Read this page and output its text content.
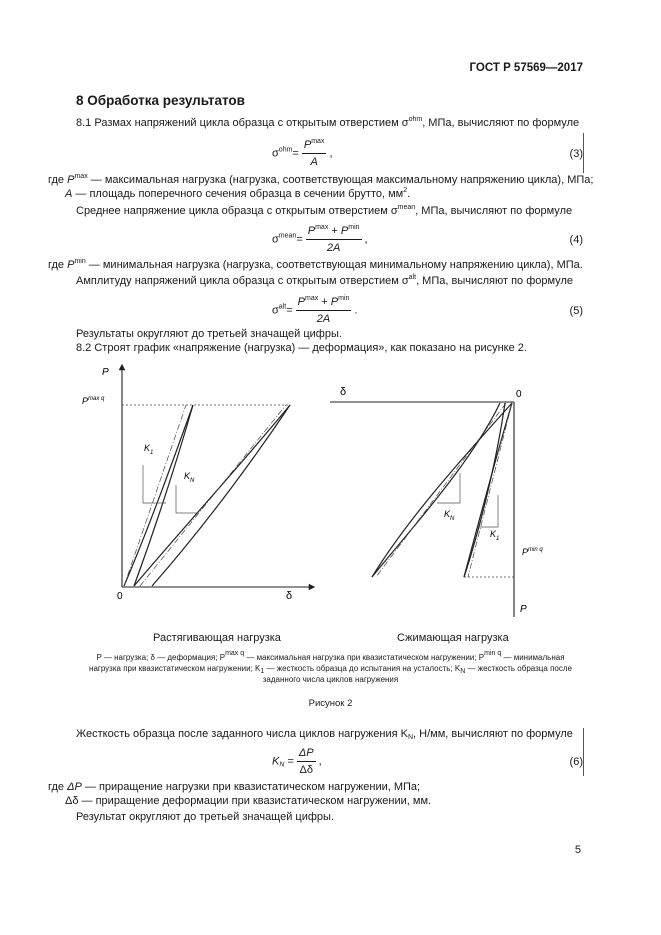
ГОСТ Р 57569—2017
8 Обработка результатов
8.1 Размах напряжений цикла образца с открытым отверстием $\sigma^{ohm}$, МПа, вычисляют по формуле
$\sigma^{ohm}= \frac{P^{max}}{A}$ ,	(3)
где $P^{max}$ — максимальная нагрузка (нагрузка, соответствующая максимальному напряжению цикла), МПа;
A — площадь поперечного сечения образца в сечении брутто, $мм^2$.
Среднее напряжение цикла образца с открытым отверстием $\sigma^{mean}$, МПа, вычисляют по формуле
$\sigma^{mean}= \frac{P^{max} + P^{min}}{2A}$ ,	(4)
где $P^{min}$ — минимальная нагрузка (нагрузка, соответствующая минимальному напряжению цикла), МПа.
Амплитуду напряжений цикла образца с открытым отверстием $\sigma^{alt}$, МПа, вычисляют по формуле
$\sigma^{alt}= \frac{P^{max} + P^{min}}{2A}$ .	(5)
Результаты округляют до третьей значащей цифры.
8.2 Строят график «напряжение (нагрузка) — деформация», как показано на рисунке 2.
P
$P^{max q}$
$K_1$
$K_N$
0	δ
δ	0
$K_N$
$K_1$
$P^{min q}$
P
Растягивающая нагрузка	Сжимающая нагрузка
P — нагрузка; δ — деформация; $P^{max q}$ — максимальная нагрузка при квазистатическом нагружении; $P^{min q}$ — минимальная
нагрузка при квазистатическом нагружении; $K_1$ — жесткость образца до испытания на усталость; $K_N$ — жесткость образца после
заданного числа циклов нагружения
Рисунок 2
Жесткость образца после заданного числа циклов нагружения $K_N$, Н/мм, вычисляют по формуле
$K_N = \frac{\Delta P}{\Delta\delta}$ ,	(6)
где ΔP — приращение нагрузки при квазистатическом нагружении, МПа;
Δδ — приращение деформации при квазистатическом нагружении, мм.
Результат округляют до третьей значащей цифры.
5
